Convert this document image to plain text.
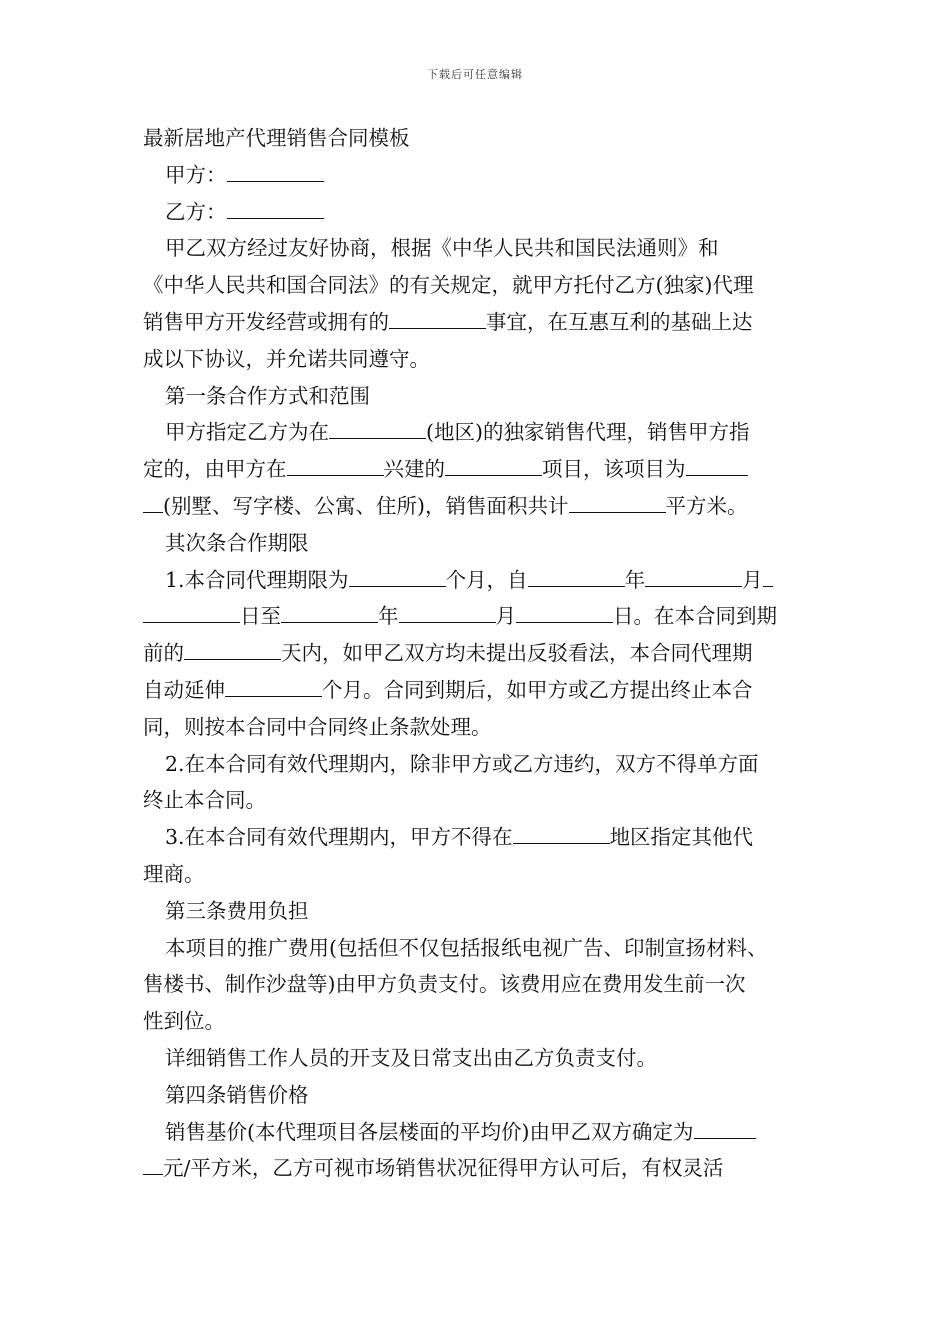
下载后可任意编辑
最新居地产代理销售合同模板
甲方：
乙方：
甲乙双方经过友好协商，根据《中华人民共和国民法通则》和
《中华人民共和国合同法》的有关规定，就甲方托付乙方(独家)代理
销售甲方开发经营或拥有的	事宜，在互惠互利的基础上达
成以下协议，并允诺共同遵守。
第一条合作方式和范围
甲方指定乙方为在	(地区)的独家销售代理，销售甲方指
定的，由甲方在	兴建的	项目，该项目为
(别墅、写字楼、公寓、住所)，销售面积共计	平方米。
其次条合作期限
1.本合同代理期限为	个月，自	年	月
日至	年	月	日。在本合同到期
前的	天内，如甲乙双方均未提出反驳看法，本合同代理期
自动延伸	个月。合同到期后，如甲方或乙方提出终止本合
同，则按本合同中合同终止条款处理。
2.在本合同有效代理期内，除非甲方或乙方违约，双方不得单方面
终止本合同。
3.在本合同有效代理期内，甲方不得在	地区指定其他代
理商。
第三条费用负担
本项目的推广费用(包括但不仅包括报纸电视广告、印制宣扬材料、
售楼书、制作沙盘等)由甲方负责支付。该费用应在费用发生前一次
性到位。
详细销售工作人员的开支及日常支出由乙方负责支付。
第四条销售价格
销售基价(本代理项目各层楼面的平均价)由甲乙双方确定为
元/平方米，乙方可视市场销售状况征得甲方认可后，有权灵活
